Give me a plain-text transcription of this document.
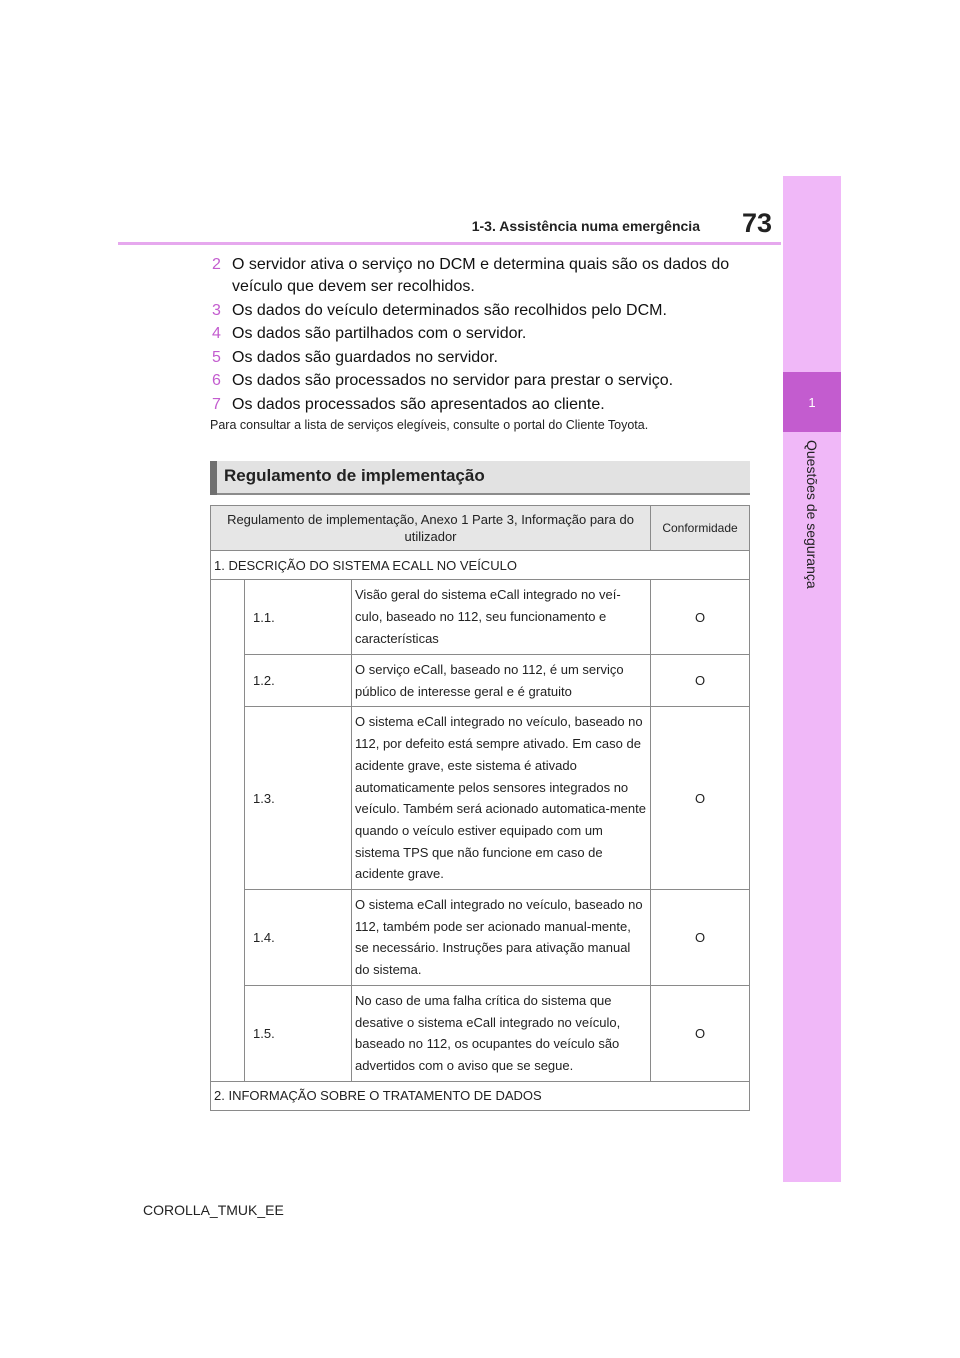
1
Questões de segurança
73
1-3. Assistência numa emergência
2 O servidor ativa o serviço no DCM e determina quais são os dados do veículo que devem ser recolhidos.
3 Os dados do veículo determinados são recolhidos pelo DCM.
4 Os dados são partilhados com o servidor.
5 Os dados são guardados no servidor.
6 Os dados são processados no servidor para prestar o serviço.
7 Os dados processados são apresentados ao cliente.
Para consultar a lista de serviços elegíveis, consulte o portal do Cliente Toyota.
Regulamento de implementação
Regulamento de implementação, Anexo 1 Parte 3, Informação para do utilizador			Conformidade
1. DESCRIÇÃO DO SISTEMA ECALL NO VEÍCULO			
	1.1.	Visão geral do sistema eCall integrado no veí-culo, baseado no 112, seu funcionamento e características	O
	1.2.	O serviço eCall, baseado no 112, é um serviço público de interesse geral e é gratuito	O
	1.3.	O sistema eCall integrado no veículo, baseado no 112, por defeito está sempre ativado. Em caso de acidente grave, este sistema é ativado automaticamente pelos sensores integrados no veículo. Também será acionado automatica-mente quando o veículo estiver equipado com um sistema TPS que não funcione em caso de acidente grave.	O
	1.4.	O sistema eCall integrado no veículo, baseado no 112, também pode ser acionado manual-mente, se necessário. Instruções para ativação manual do sistema.	O
	1.5.	No caso de uma falha crítica do sistema que desative o sistema eCall integrado no veículo, baseado no 112, os ocupantes do veículo são advertidos com o aviso que se segue.	O
2. INFORMAÇÃO SOBRE O TRATAMENTO DE DADOS			
COROLLA_TMUK_EE
